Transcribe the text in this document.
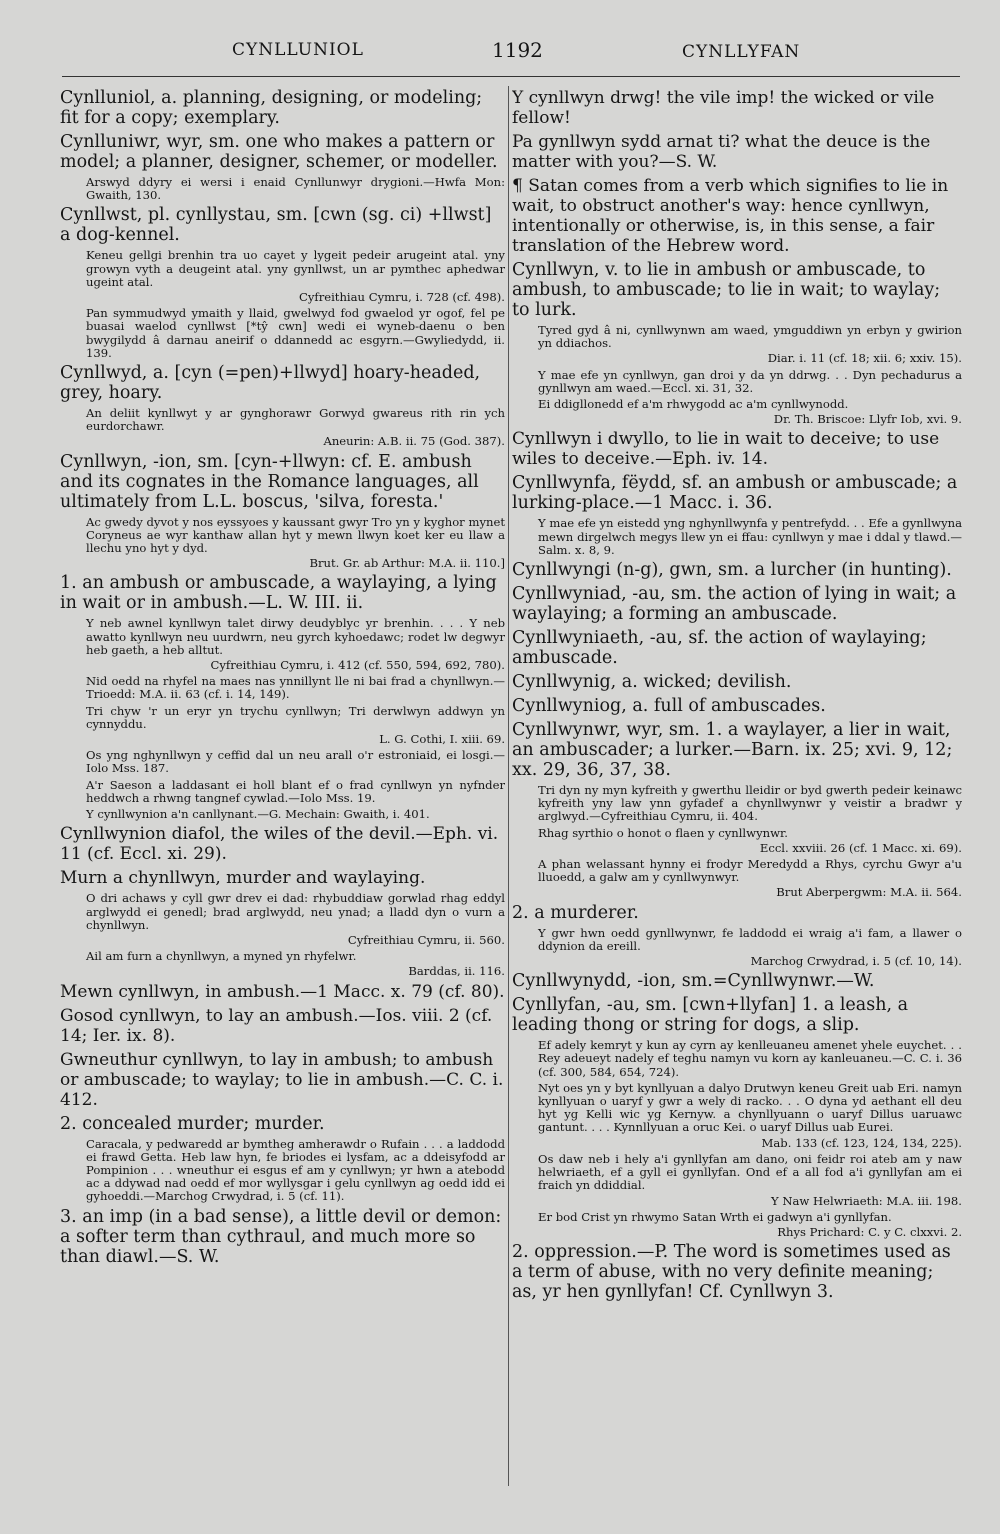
CYNLLUNIOL	1192	CYNLLYFAN
Cynlluniol, a. planning, designing, or modeling; fit for a copy; exemplary.
Cynlluniwr, wyr, sm. one who makes a pattern or model; a planner, designer, schemer, or modeller.
Arswyd ddyry ei wersi i enaid Cynllunwyr drygioni.—Hwfa Mon: Gwaith, 130.
Cynllwst, pl. cynllystau, sm. [cwn (sg. ci) +llwst] a dog-kennel.
Keneu gellgi brenhin tra uo cayet y lygeit pedeir arugeint atal. yny growyn vyth a deugeint atal. yny gynllwst, un ar pymthec aphedwar ugeint atal.
Cyfreithiau Cymru, i. 728 (cf. 498).
Pan symmudwyd ymaith y llaid, gwelwyd fod gwaelod yr ogof, fel pe buasai waelod cynllwst [*tŷ cwn] wedi ei wyneb-daenu o ben bwygilydd â darnau aneirif o ddannedd ac esgyrn.—Gwyliedydd, ii. 139.
Cynllwyd, a. [cyn (=pen)+llwyd] hoary-headed, grey, hoary.
An deliit kynllwyt y ar gynghorawr Gorwyd gwareus rith rin ych eurdorchawr.
Aneurin: A.B. ii. 75 (God. 387).
Cynllwyn, -ion, sm. [cyn-+llwyn: cf. E. ambush and its cognates in the Romance languages, all ultimately from L.L. boscus, 'silva, foresta.'
Ac gwedy dyvot y nos eyssyoes y kaussant gwyr Tro yn y kyghor mynet Coryneus ae wyr kanthaw allan hyt y mewn llwyn koet ker eu llaw a llechu yno hyt y dyd.
Brut. Gr. ab Arthur: M.A. ii. 110.]
1. an ambush or ambuscade, a waylaying, a lying in wait or in ambush.—L. W. III. ii.
Y neb awnel kynllwyn talet dirwy deudyblyc yr brenhin. . . . Y neb awatto kynllwyn neu uurdwrn, neu gyrch kyhoedawc; rodet lw degwyr heb gaeth, a heb alltut.
Cyfreithiau Cymru, i. 412 (cf. 550, 594, 692, 780).
Nid oedd na rhyfel na maes nas ynnillynt lle ni bai frad a chynllwyn.—Trioedd: M.A. ii. 63 (cf. i. 14, 149).
Tri chyw 'r un eryr yn trychu cynllwyn; Tri derwlwyn addwyn yn cynnyddu.
L. G. Cothi, I. xiii. 69.
Os yng nghynllwyn y ceffid dal un neu arall o'r estroniaid, ei losgi.—Iolo Mss. 187.
A'r Saeson a laddasant ei holl blant ef o frad cynllwyn yn nyfnder heddwch a rhwng tangnef cywlad.—Iolo Mss. 19.
Y cynllwynion a'n canllynant.—G. Mechain: Gwaith, i. 401.
Cynllwynion diafol, the wiles of the devil.—Eph. vi. 11 (cf. Eccl. xi. 29).
Murn a chynllwyn, murder and waylaying.
O dri achaws y cyll gwr drev ei dad: rhybuddiaw gorwlad rhag eddyl arglwydd ei genedl; brad arglwydd, neu ynad; a lladd dyn o vurn a chynllwyn.
Cyfreithiau Cymru, ii. 560.
Ail am furn a chynllwyn, a myned yn rhyfelwr.
Barddas, ii. 116.
Mewn cynllwyn, in ambush.—1 Macc. x. 79 (cf. 80).
Gosod cynllwyn, to lay an ambush.—Ios. viii. 2 (cf. 14; Ier. ix. 8).
Gwneuthur cynllwyn, to lay in ambush; to ambush or ambuscade; to waylay; to lie in ambush.—C. C. i. 412.
2. concealed murder; murder.
Caracala, y pedwaredd ar bymtheg amherawdr o Rufain . . . a laddodd ei frawd Getta. Heb law hyn, fe briodes ei lysfam, ac a ddeisyfodd ar Pompinion . . . wneuthur ei esgus ef am y cynllwyn; yr hwn a atebodd ac a ddywad nad oedd ef mor wyllysgar i gelu cynllwyn ag oedd idd ei gyhoeddi.—Marchog Crwydrad, i. 5 (cf. 11).
3. an imp (in a bad sense), a little devil or demon: a softer term than cythraul, and much more so than diawl.—S. W.
Y cynllwyn drwg! the vile imp! the wicked or vile fellow!
Pa gynllwyn sydd arnat ti? what the deuce is the matter with you?—S. W.
¶ Satan comes from a verb which signifies to lie in wait, to obstruct another's way: hence cynllwyn, intentionally or otherwise, is, in this sense, a fair translation of the Hebrew word.
Cynllwyn, v. to lie in ambush or ambuscade, to ambush, to ambuscade; to lie in wait; to waylay; to lurk.
Tyred gyd â ni, cynllwynwn am waed, ymguddiwn yn erbyn y gwirion yn ddiachos.
Diar. i. 11 (cf. 18; xii. 6; xxiv. 15).
Y mae efe yn cynllwyn, gan droi y da yn ddrwg. . . Dyn pechadurus a gynllwyn am waed.—Eccl. xi. 31, 32.
Ei ddigllonedd ef a'm rhwygodd ac a'm cynllwynodd.
Dr. Th. Briscoe: Llyfr Iob, xvi. 9.
Cynllwyn i dwyllo, to lie in wait to deceive; to use wiles to deceive.—Eph. iv. 14.
Cynllwynfa, fëydd, sf. an ambush or ambuscade; a lurking-place.—1 Macc. i. 36.
Y mae efe yn eistedd yng nghynllwynfa y pentrefydd. . . Efe a gynllwyna mewn dirgelwch megys llew yn ei ffau: cynllwyn y mae i ddal y tlawd.—Salm. x. 8, 9.
Cynllwyngi (n-g), gwn, sm. a lurcher (in hunting).
Cynllwyniad, -au, sm. the action of lying in wait; a waylaying; a forming an ambuscade.
Cynllwyniaeth, -au, sf. the action of waylaying; ambuscade.
Cynllwynig, a. wicked; devilish.
Cynllwyniog, a. full of ambuscades.
Cynllwynwr, wyr, sm. 1. a waylayer, a lier in wait, an ambuscader; a lurker.—Barn. ix. 25; xvi. 9, 12; xx. 29, 36, 37, 38.
Tri dyn ny myn kyfreith y gwerthu lleidir or byd gwerth pedeir keinawc kyfreith yny law ynn gyfadef a chynllwynwr y veistir a bradwr y arglwyd.—Cyfreithiau Cymru, ii. 404.
Rhag syrthio o honot o flaen y cynllwynwr.
Eccl. xxviii. 26 (cf. 1 Macc. xi. 69).
A phan welassant hynny ei frodyr Meredydd a Rhys, cyrchu Gwyr a'u lluoedd, a galw am y cynllwynwyr.
Brut Aberpergwm: M.A. ii. 564.
2. a murderer.
Y gwr hwn oedd gynllwynwr, fe laddodd ei wraig a'i fam, a llawer o ddynion da ereill.
Marchog Crwydrad, i. 5 (cf. 10, 14).
Cynllwynydd, -ion, sm.=Cynllwynwr.—W.
Cynllyfan, -au, sm. [cwn+llyfan] 1. a leash, a leading thong or string for dogs, a slip.
Ef adely kemryt y kun ay cyrn ay kenlleuaneu amenet yhele euychet. . . Rey adeueyt nadely ef teghu namyn vu korn ay kanleuaneu.—C. C. i. 36 (cf. 300, 584, 654, 724).
Nyt oes yn y byt kynllyuan a dalyo Drutwyn keneu Greit uab Eri. namyn kynllyuan o uaryf y gwr a wely di racko. . . O dyna yd aethant ell deu hyt yg Kelli wic yg Kernyw. a chynllyuann o uaryf Dillus uaruawc gantunt. . . . Kynnllyuan a oruc Kei. o uaryf Dillus uab Eurei.
Mab. 133 (cf. 123, 124, 134, 225).
Os daw neb i hely a'i gynllyfan am dano, oni feidr roi ateb am y naw helwriaeth, ef a gyll ei gynllyfan. Ond ef a all fod a'i gynllyfan am ei fraich yn ddiddial.
Y Naw Helwriaeth: M.A. iii. 198.
Er bod Crist yn rhwymo Satan Wrth ei gadwyn a'i gynllyfan.
Rhys Prichard: C. y C. clxxvi. 2.
2. oppression.—P. The word is sometimes used as a term of abuse, with no very definite meaning; as, yr hen gynllyfan! Cf. Cynllwyn 3.
